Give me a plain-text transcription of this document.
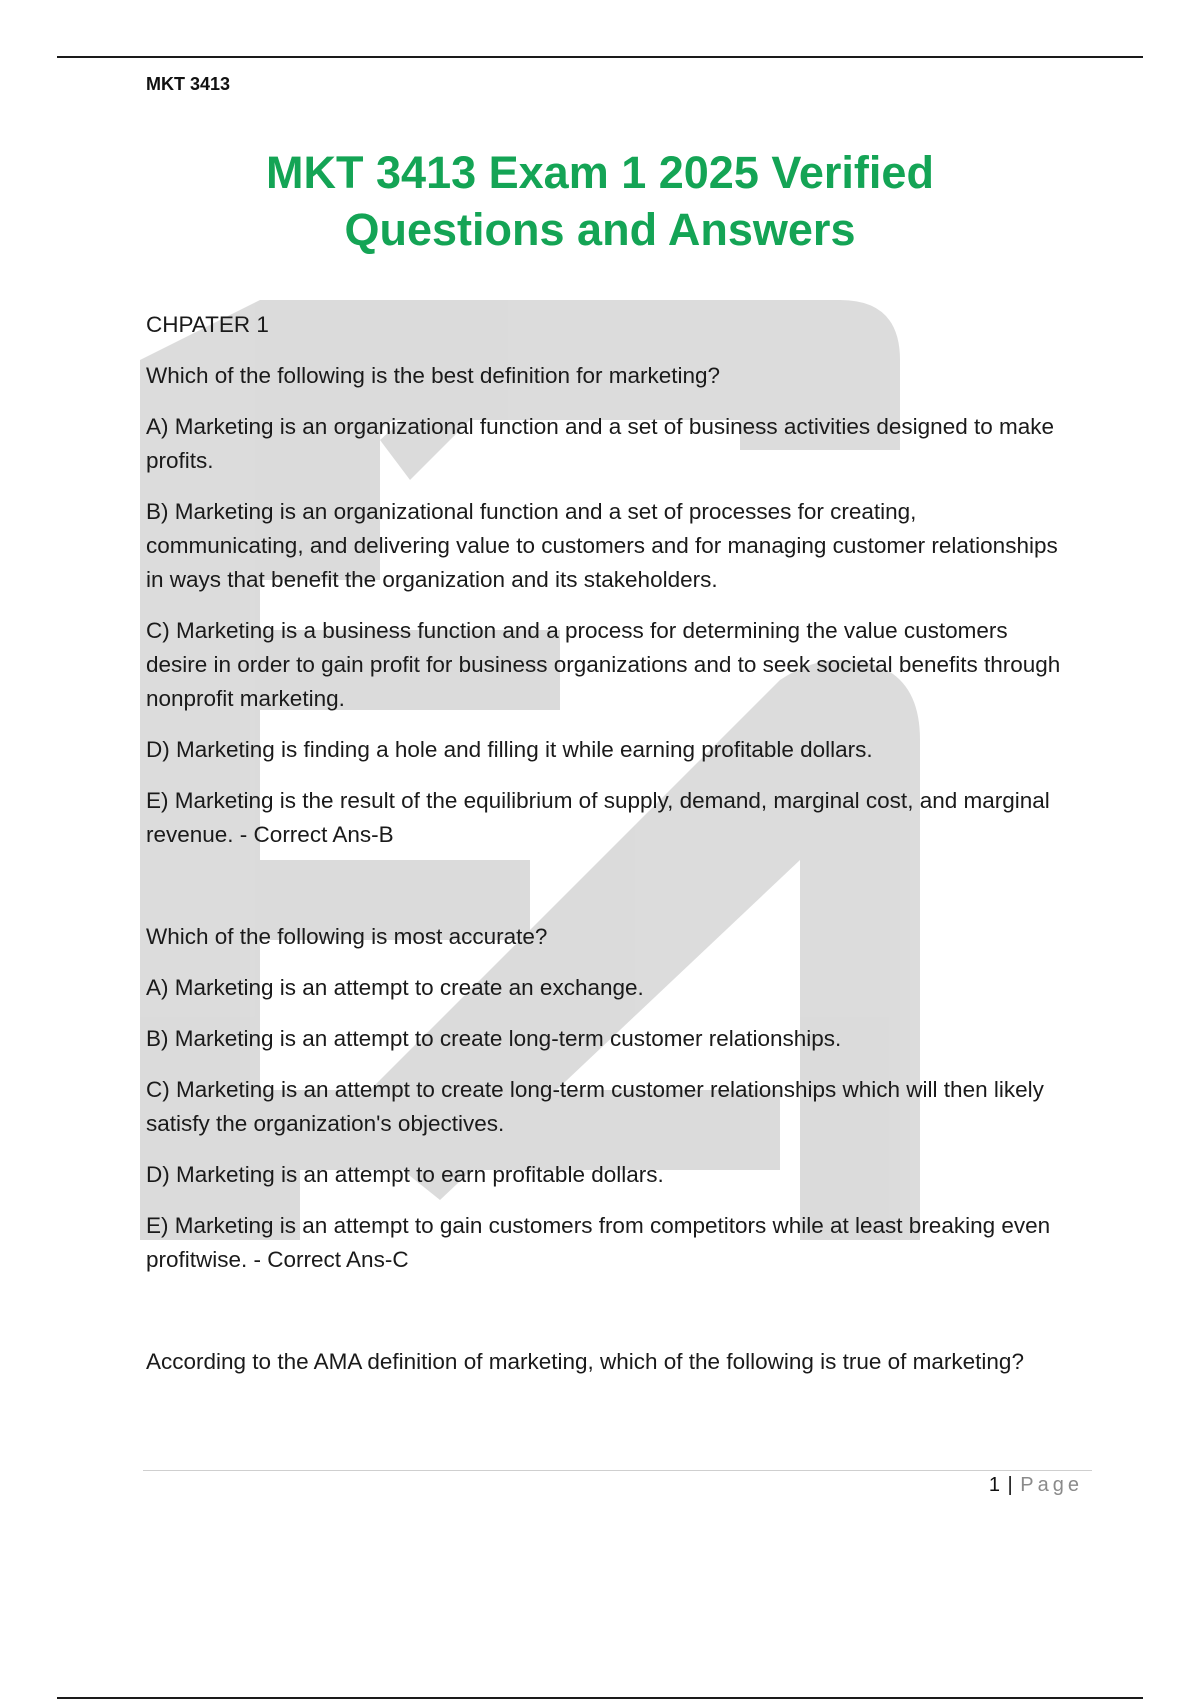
MKT 3413
MKT 3413 Exam 1 2025 Verified
Questions and Answers

CHPATER 1

Which of the following is the best definition for marketing?

A) Marketing is an organizational function and a set of business activities designed to make profits.

B) Marketing is an organizational function and a set of processes for creating, communicating, and delivering value to customers and for managing customer relationships in ways that benefit the organization and its stakeholders.

C) Marketing is a business function and a process for determining the value customers desire in order to gain profit for business organizations and to seek societal benefits through nonprofit marketing.

D) Marketing is finding a hole and filling it while earning profitable dollars.

E) Marketing is the result of the equilibrium of supply, demand, marginal cost, and marginal revenue. - Correct Ans-B

Which of the following is most accurate?

A) Marketing is an attempt to create an exchange.

B) Marketing is an attempt to create long-term customer relationships.

C) Marketing is an attempt to create long-term customer relationships which will then likely satisfy the organization's objectives.

D) Marketing is an attempt to earn profitable dollars.

E) Marketing is an attempt to gain customers from competitors while at least breaking even profitwise. - Correct Ans-C

According to the AMA definition of marketing, which of the following is true of marketing?

1 | Page
